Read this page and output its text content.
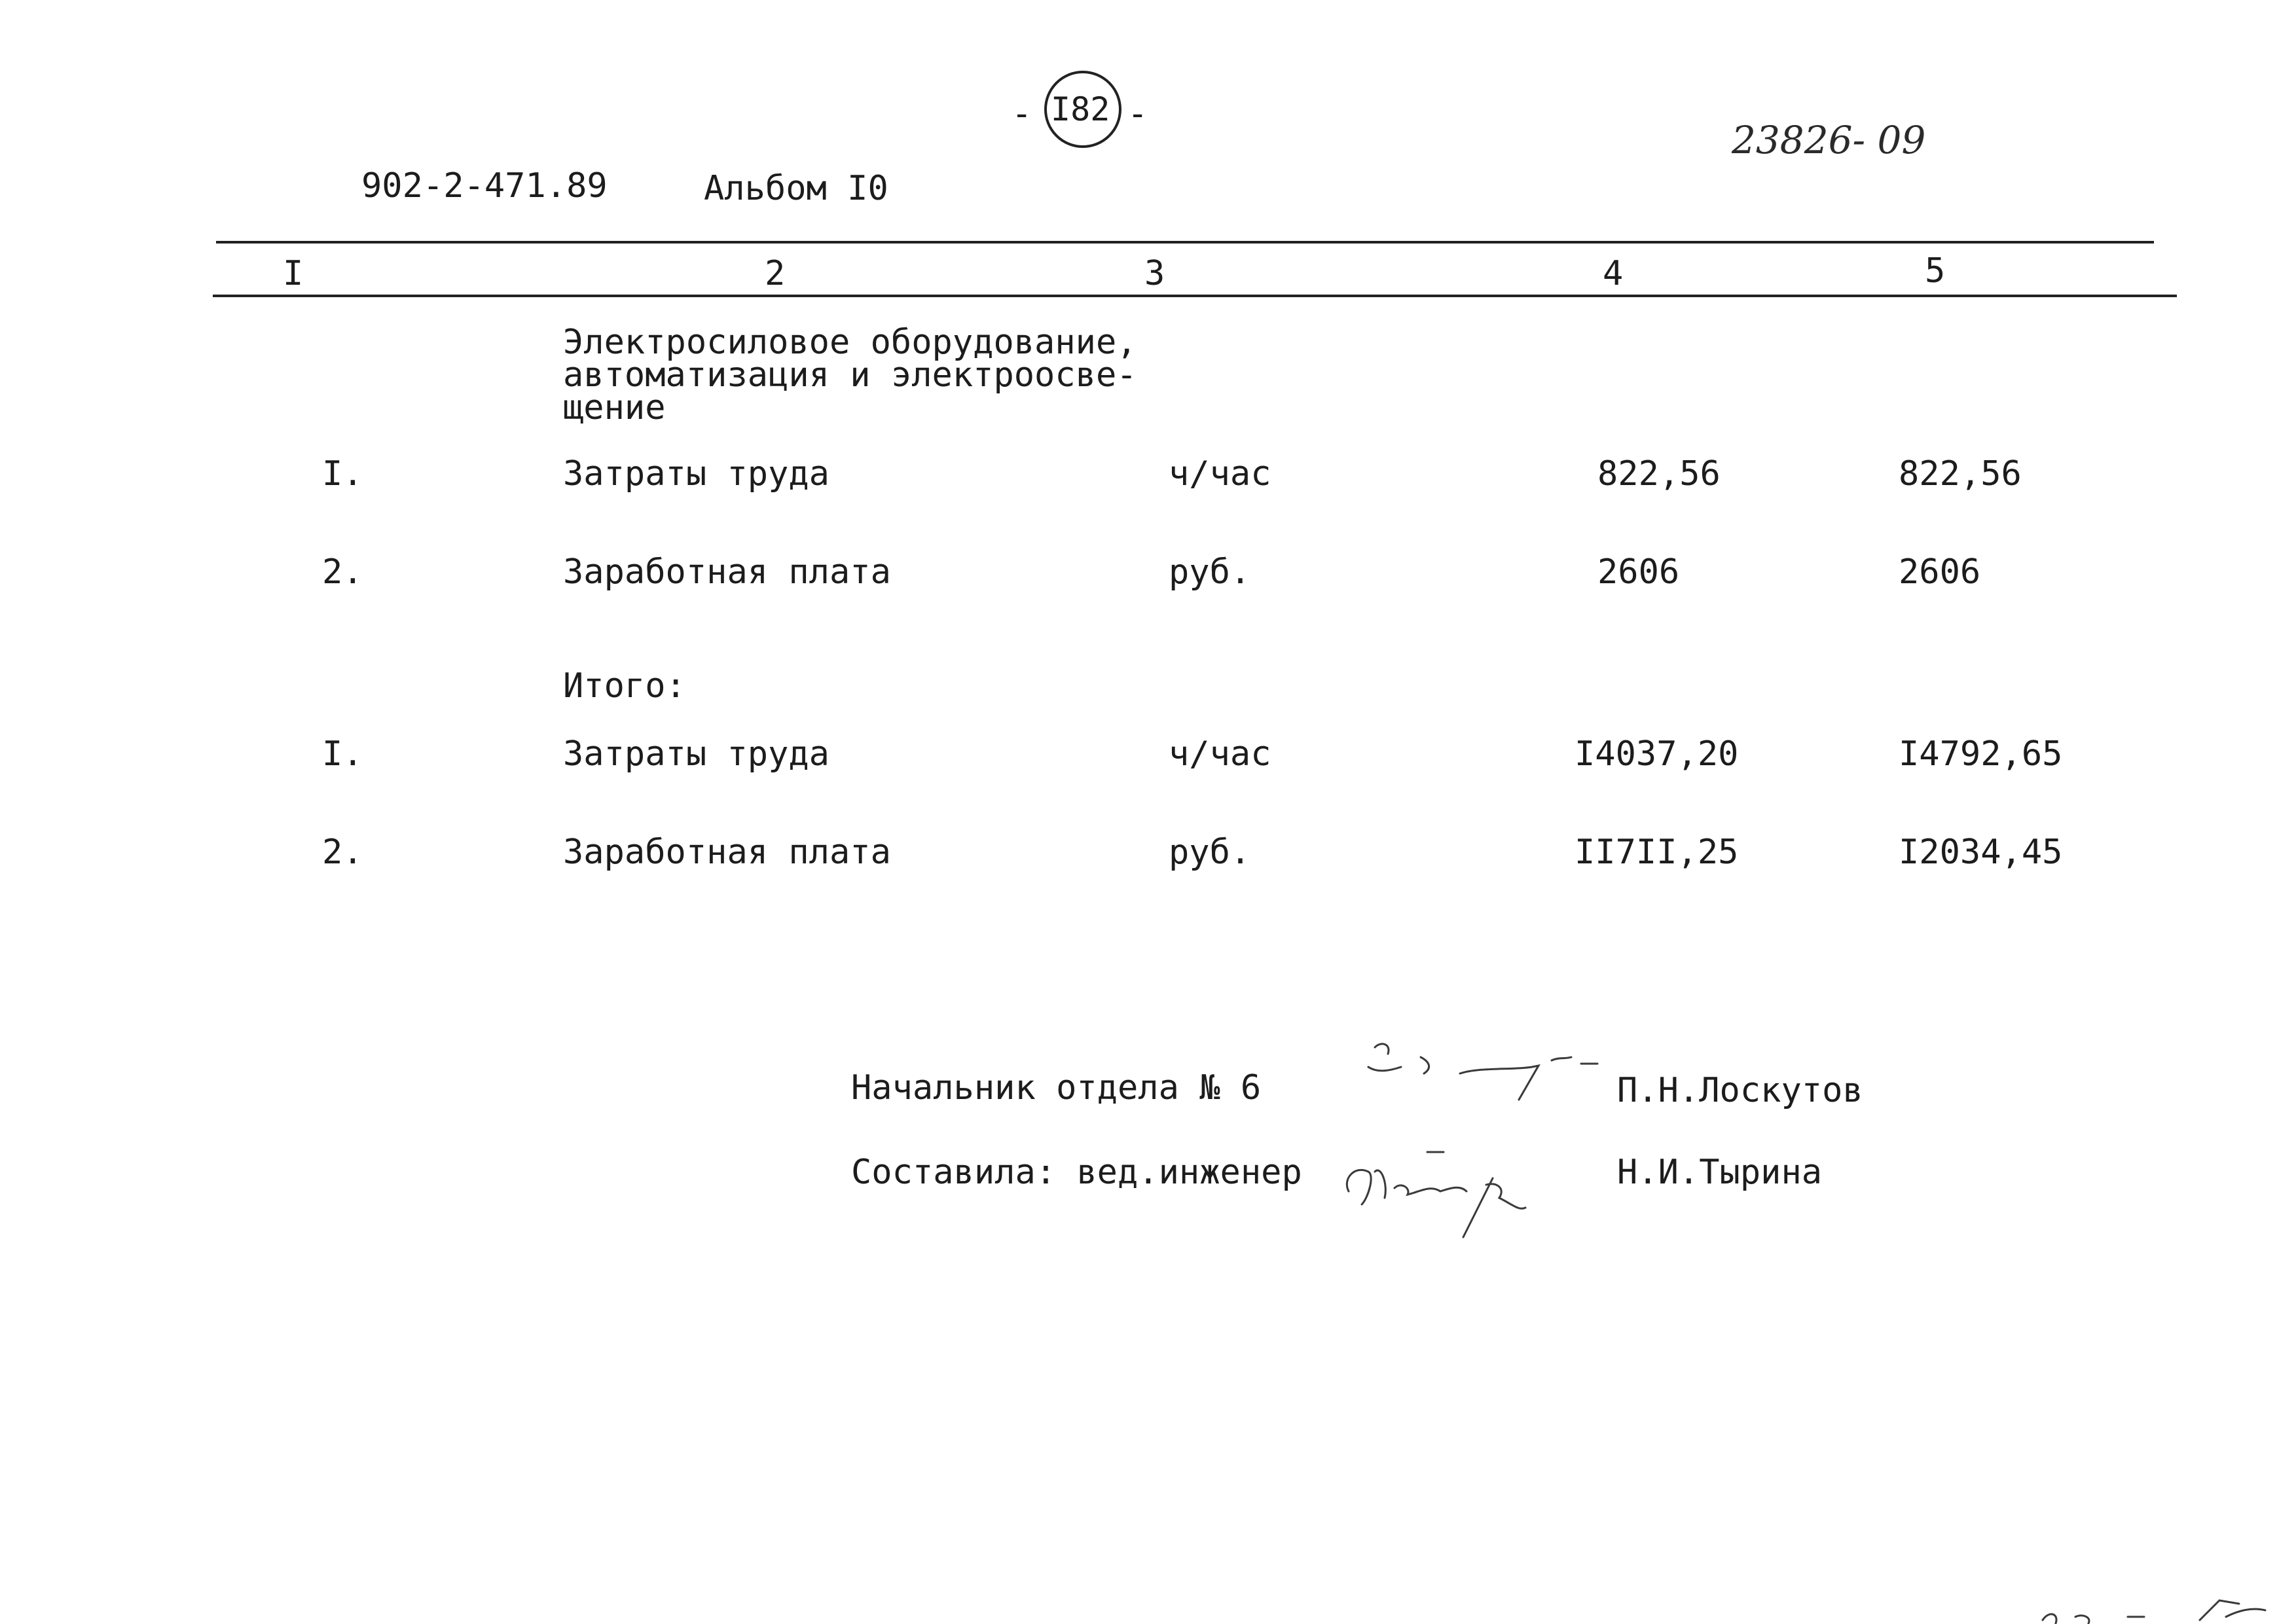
- I82 -
23826- 09
902-2-471.89	Альбом I0
I	2	3	4	5
Электросиловое оборудование,
автоматизация и электроосве-
щение
I.	Затраты труда	ч/час	822,56	822,56
2.	Заработная плата	руб.	2606	2606
Итого:
I.	Затраты труда	ч/час	I4037,20	I4792,65
2.	Заработная плата	руб.	II7II,25	I2034,45
Начальник отдела № 6	П.Н.Лоскутов
Составила: вед.инженер	Н.И.Тырина
